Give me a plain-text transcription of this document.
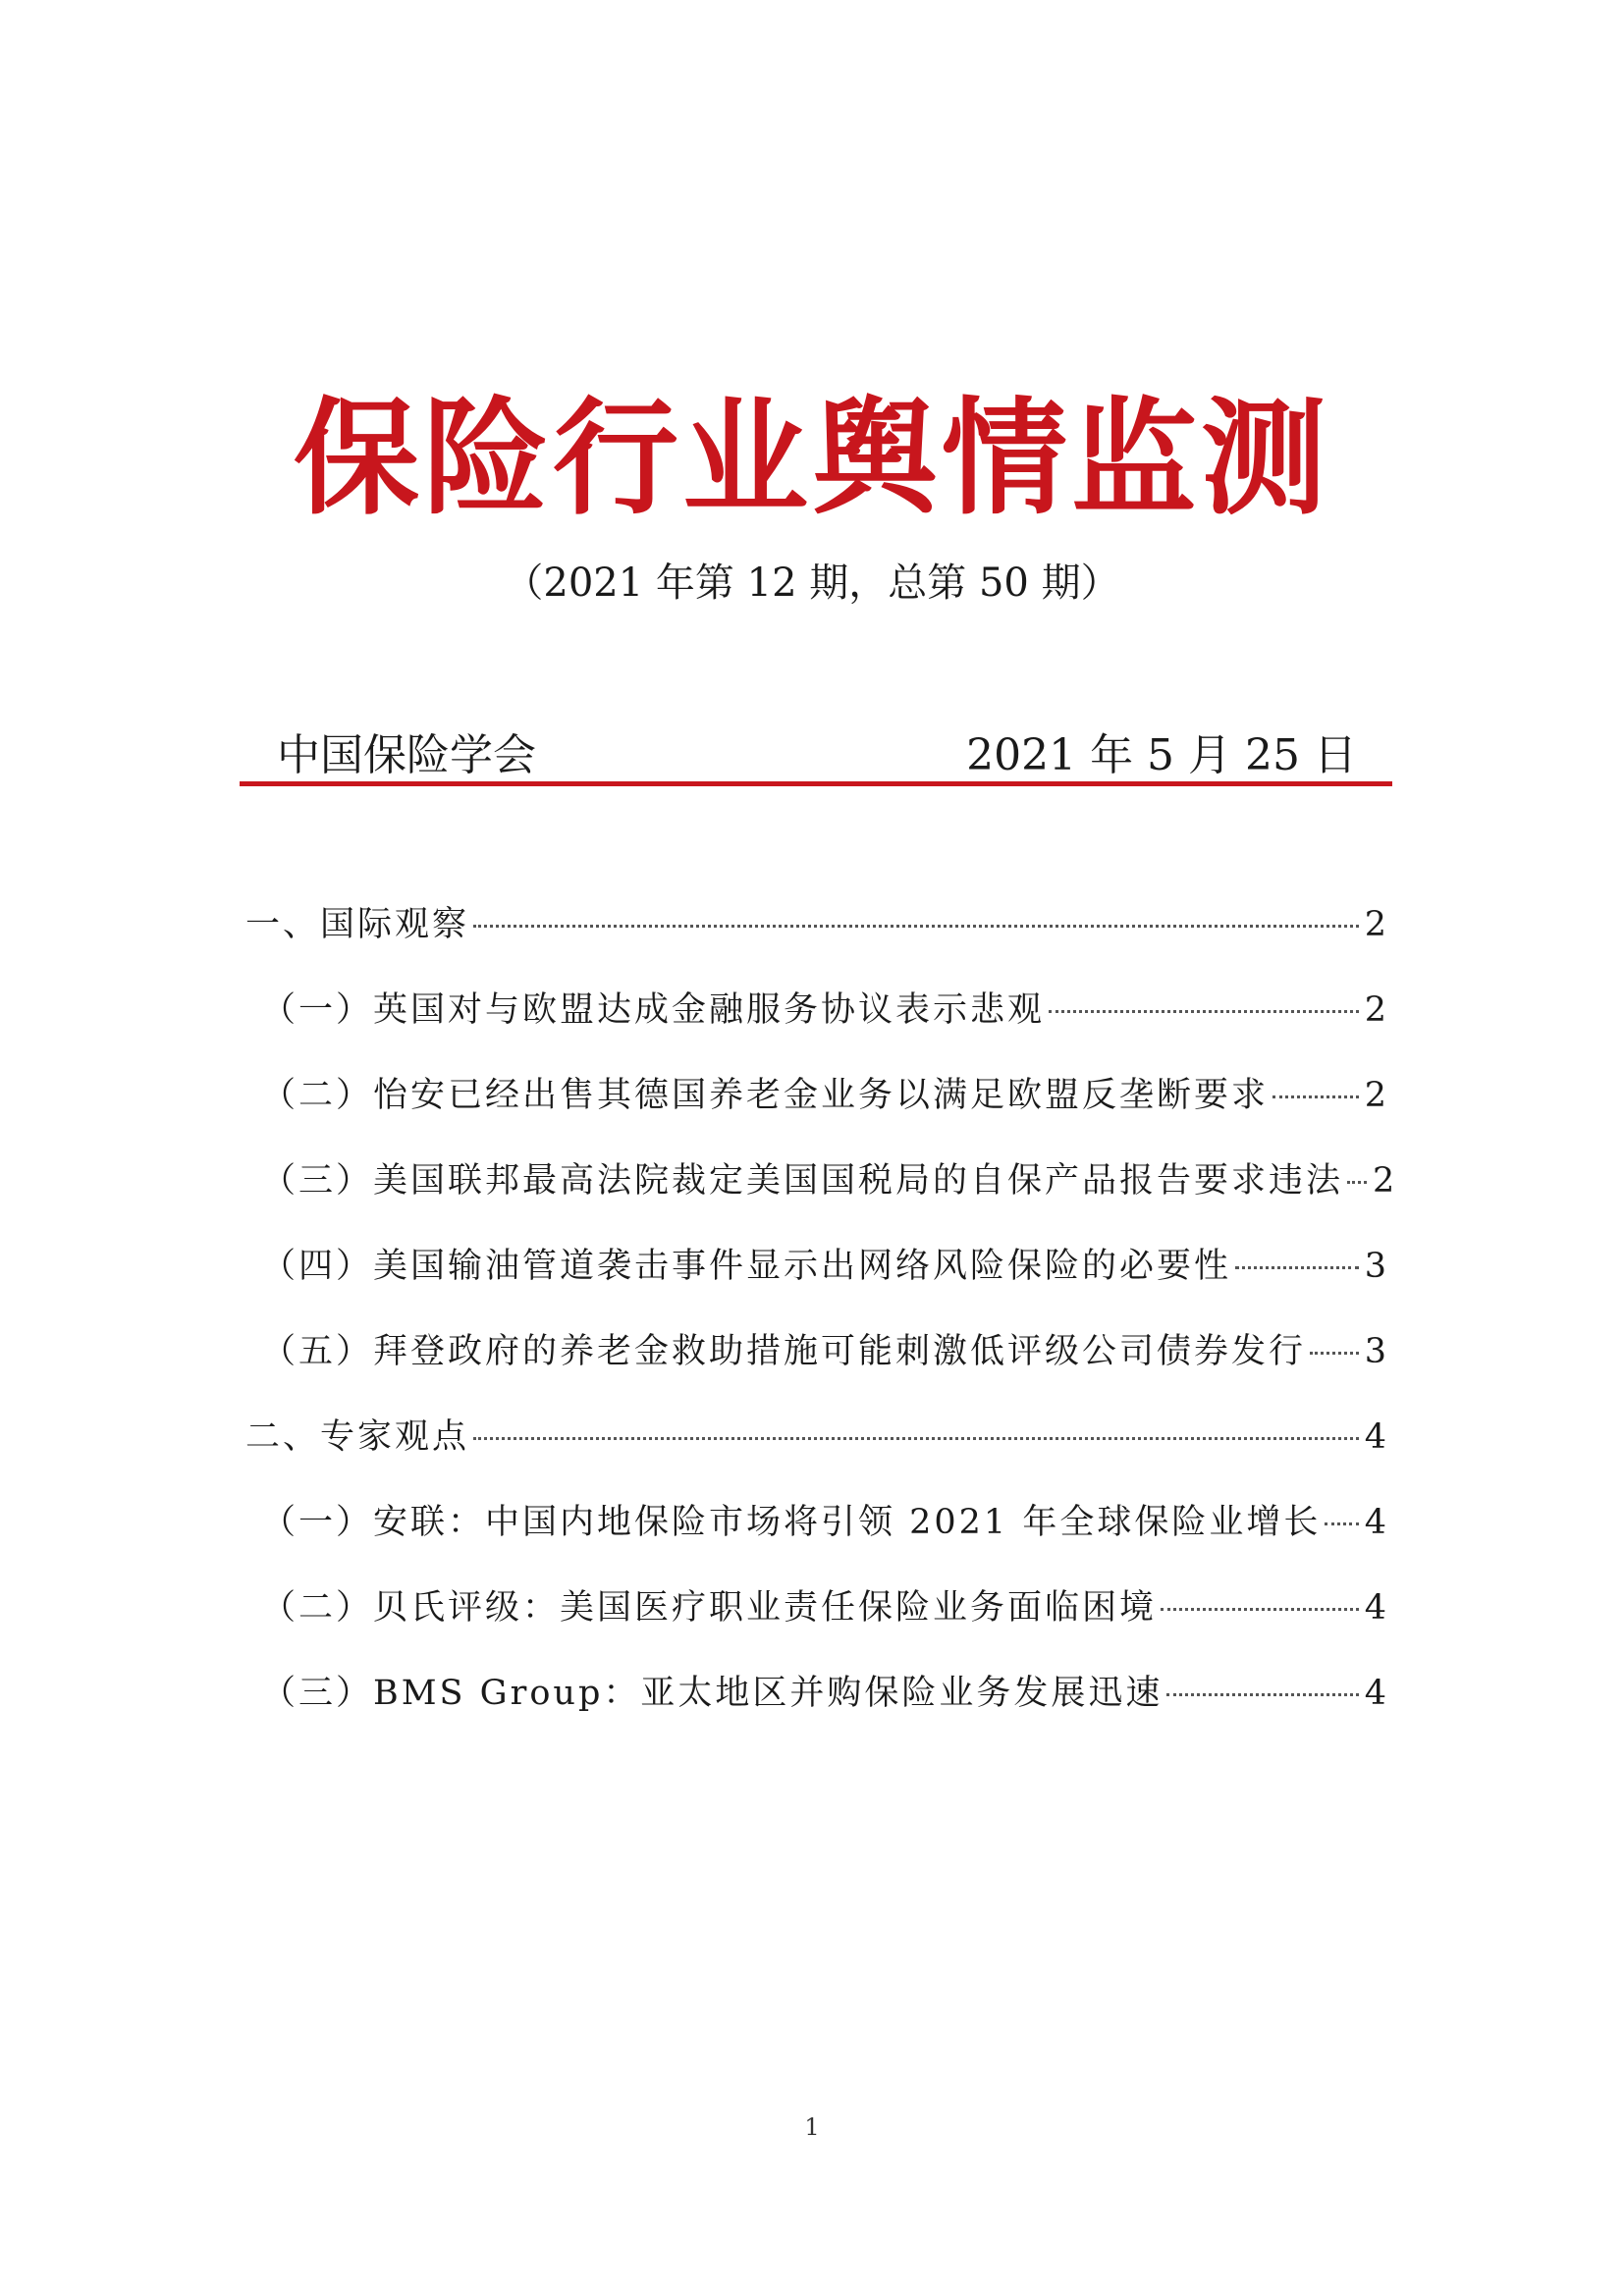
保险行业舆情监测
（2021 年第 12 期，总第 50 期）
中国保险学会	2021 年 5 月 25 日
一、国际观察	2
（一）英国对与欧盟达成金融服务协议表示悲观	2
（二）怡安已经出售其德国养老金业务以满足欧盟反垄断要求	2
（三）美国联邦最高法院裁定美国国税局的自保产品报告要求违法 2
（四）美国输油管道袭击事件显示出网络风险保险的必要性	3
（五）拜登政府的养老金救助措施可能刺激低评级公司债券发行 3
二、专家观点	4
（一）安联：中国内地保险市场将引领 2021 年全球保险业增长 4
（二）贝氏评级：美国医疗职业责任保险业务面临困境	4
（三）BMS Group：亚太地区并购保险业务发展迅速	4
1
